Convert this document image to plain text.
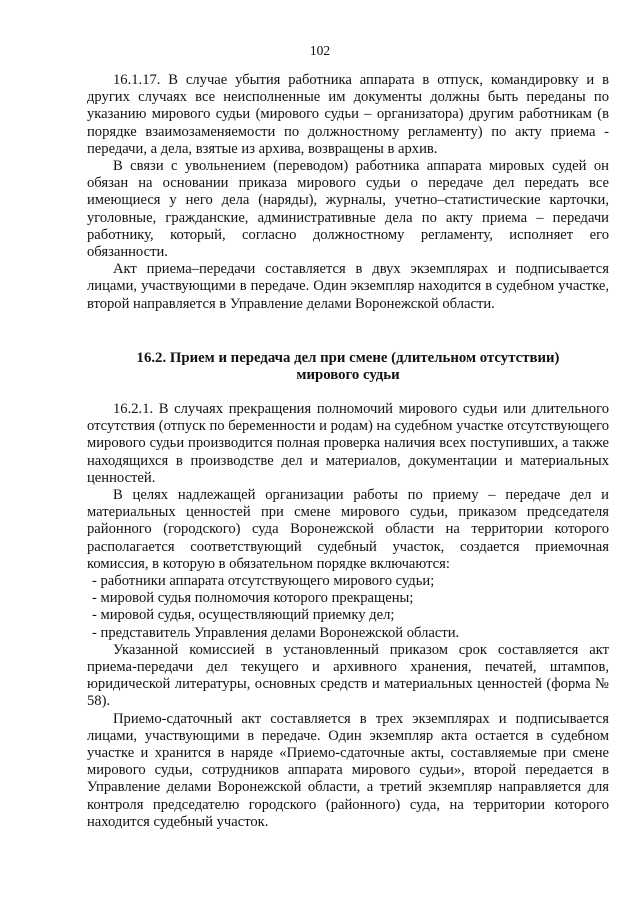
102

16.1.17. В случае убытия работника аппарата в отпуск, командировку и в других случаях все неисполненные им документы должны быть переданы по указанию мирового судьи (мирового судьи – организатора) другим работникам (в порядке взаимозаменяемости по должностному регламенту) по акту приема - передачи, а дела, взятые из архива, возвращены в архив.

В связи с увольнением (переводом) работника аппарата мировых судей он обязан на основании приказа мирового судьи о передаче дел передать все имеющиеся у него дела (наряды), журналы, учетно–статистические карточки, уголовные, гражданские, административные дела по акту приема – передачи работнику, который, согласно должностному регламенту, исполняет его обязанности.

Акт приема–передачи составляется в двух экземплярах и подписывается лицами, участвующими в передаче. Один экземпляр находится в судебном участке, второй направляется в Управление делами Воронежской области.

16.2. Прием и передача дел при смене (длительном отсутствии)
мирового судьи

16.2.1. В случаях прекращения полномочий мирового судьи или длительного отсутствия (отпуск по беременности и родам) на судебном участке отсутствующего мирового судьи производится полная проверка наличия всех поступивших, а также находящихся в производстве дел и материалов, документации и материальных ценностей.

В целях надлежащей организации работы по приему – передаче дел и материальных ценностей при смене мирового судьи, приказом председателя районного (городского) суда Воронежской области на территории которого располагается соответствующий судебный участок, создается приемочная комиссия, в которую в обязательном порядке включаются:

- работники аппарата отсутствующего мирового судьи;
- мировой судья полномочия которого прекращены;
- мировой судья, осуществляющий приемку дел;
- представитель Управления делами Воронежской области.

Указанной комиссией в установленный приказом срок составляется акт приема-передачи дел текущего и архивного хранения, печатей, штампов, юридической литературы, основных средств и материальных ценностей (форма № 58).

Приемо-сдаточный акт составляется в трех экземплярах и подписывается лицами, участвующими в передаче. Один экземпляр акта остается в судебном участке и хранится в наряде «Приемо-сдаточные акты, составляемые при смене мирового судьи, сотрудников аппарата мирового судьи», второй передается в Управление делами Воронежской области, а третий экземпляр направляется для контроля председателю городского (районного) суда, на территории которого находится судебный участок.
